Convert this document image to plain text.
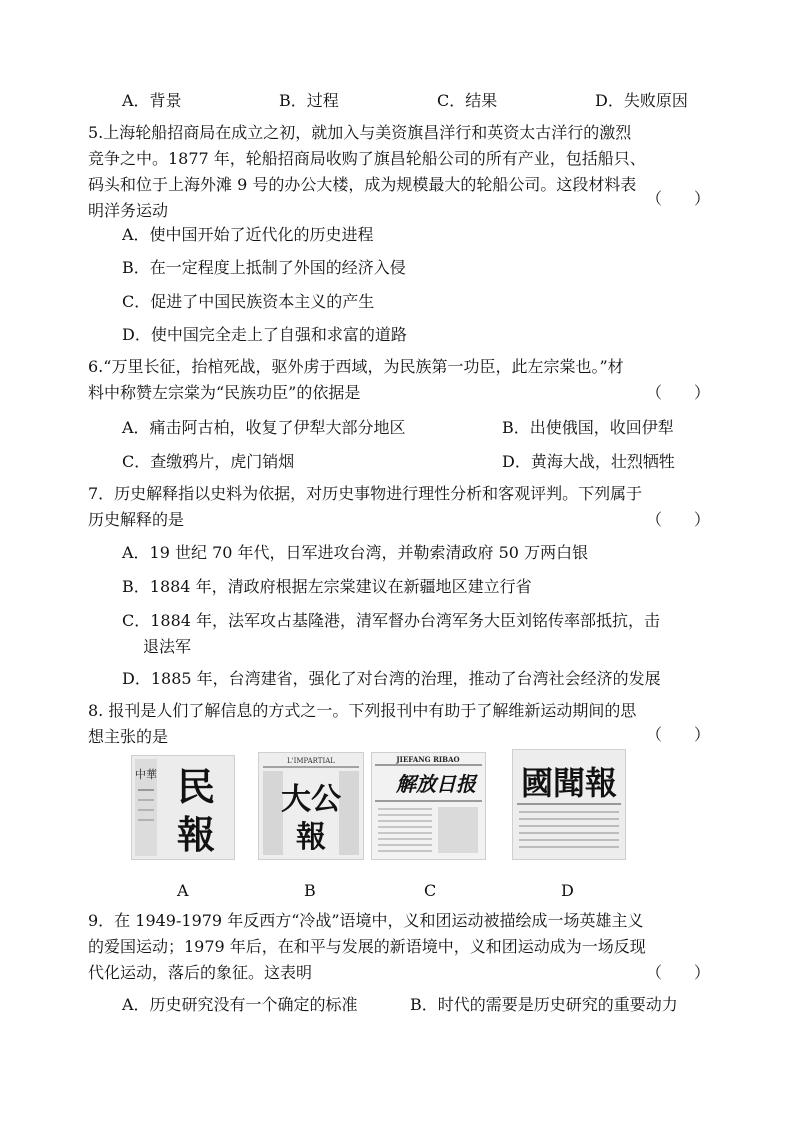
A．背景	B．过程	C．结果	D．失败原因
5.上海轮船招商局在成立之初，就加入与美资旗昌洋行和英资太古洋行的激烈
竞争之中。1877 年，轮船招商局收购了旗昌轮船公司的所有产业，包括船只、
码头和位于上海外滩 9 号的办公大楼，成为规模最大的轮船公司。这段材料表
明洋务运动
（　　）
A．使中国开始了近代化的历史进程
B．在一定程度上抵制了外国的经济入侵
C．促进了中国民族资本主义的产生
D．使中国完全走上了自强和求富的道路
6.“万里长征，抬棺死战，驱外虏于西域，为民族第一功臣，此左宗棠也。”材
料中称赞左宗棠为“民族功臣”的依据是	（　　）
A．痛击阿古柏，收复了伊犁大部分地区	B．出使俄国，收回伊犁
C．查缴鸦片，虎门销烟	D．黄海大战，壮烈牺牲
7．历史解释指以史料为依据，对历史事物进行理性分析和客观评判。下列属于
历史解释的是	（　　）
A．19 世纪 70 年代，日军进攻台湾，并勒索清政府 50 万两白银
B．1884 年，清政府根据左宗棠建议在新疆地区建立行省
C．1884 年，法军攻占基隆港，清军督办台湾军务大臣刘铭传率部抵抗，击
退法军
D．1885 年，台湾建省，强化了对台湾的治理，推动了台湾社会经济的发展
8. 报刊是人们了解信息的方式之一。下列报刊中有助于了解维新运动期间的思
想主张的是	（　　）
中華 民
報
A
L'IMPARTIAL
大公
報
B
JIEFANG RIBAO
解放日报
C
國聞報
D
9．在 1949-1979 年反西方“冷战”语境中，义和团运动被描绘成一场英雄主义
的爱国运动；1979 年后，在和平与发展的新语境中，义和团运动成为一场反现
代化运动，落后的象征。这表明	（　　）
A．历史研究没有一个确定的标准	B．时代的需要是历史研究的重要动力
